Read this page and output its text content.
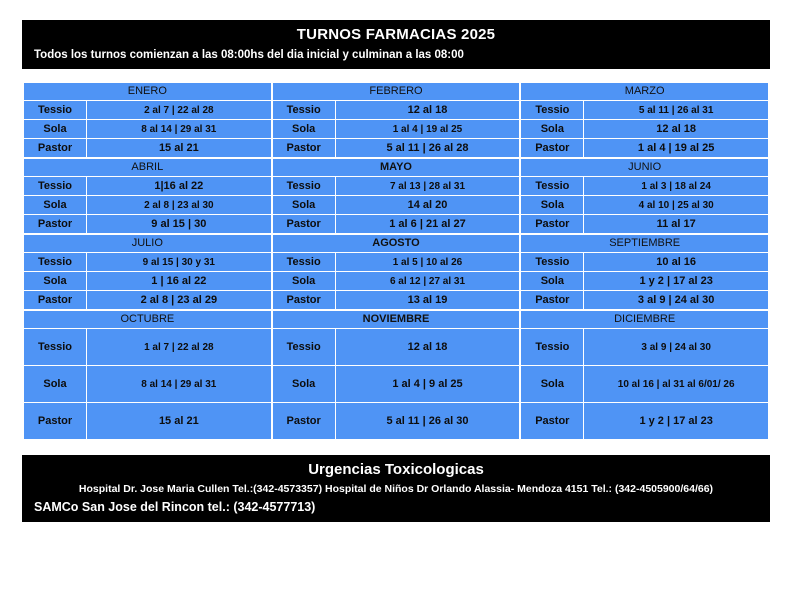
TURNOS FARMACIAS 2025
Todos los turnos comienzan a las 08:00hs del dia inicial y culminan a las 08:00
ENERO
Tessio	2 al 7 | 22 al 28
Sola	8 al 14 | 29 al 31
Pastor	15 al 21
FEBRERO
Tessio	12 al 18
Sola	1 al 4 | 19 al 25
Pastor	5 al 11 | 26 al 28
MARZO
Tessio	5 al 11 | 26 al 31
Sola	12 al 18
Pastor	1 al 4 | 19 al 25
ABRIL
Tessio	1|16 al 22
Sola	2 al 8 | 23 al 30
Pastor	9 al 15 | 30
MAYO
Tessio	7 al 13 | 28 al 31
Sola	14 al 20
Pastor	1 al 6 | 21 al 27
JUNIO
Tessio	1 al 3 | 18 al 24
Sola	4 al 10 | 25 al 30
Pastor	11 al 17
JULIO
Tessio	9 al 15 | 30 y 31
Sola	1 | 16 al 22
Pastor	2 al 8 | 23 al 29
AGOSTO
Tessio	1 al 5 | 10 al 26
Sola	6 al 12 | 27 al 31
Pastor	13 al 19
SEPTIEMBRE
Tessio	10 al 16
Sola	1 y 2 | 17 al 23
Pastor	3 al 9 | 24 al 30
OCTUBRE
Tessio	1 al 7 | 22 al 28
Sola	8 al 14 | 29 al 31
Pastor	15 al 21
NOVIEMBRE
Tessio	12 al 18
Sola	1 al 4 | 9 al 25
Pastor	5 al 11 | 26 al 30
DICIEMBRE
Tessio	3 al 9 | 24 al 30
Sola	10 al 16 | al 31 al 6/01/ 26
Pastor	1 y 2 | 17 al 23
Urgencias Toxicologicas
Hospital Dr. Jose Maria Cullen Tel.:(342-4573357) Hospital de Niños Dr Orlando Alassia- Mendoza 4151 Tel.: (342-4505900/64/66)
SAMCo San Jose del Rincon tel.: (342-4577713)
